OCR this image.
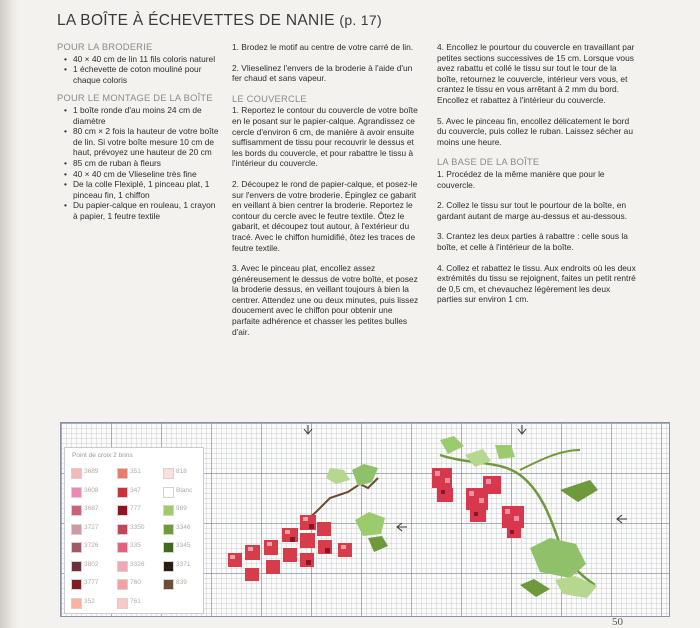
LA BOÎTE À ÉCHEVETTES DE NANIE (p. 17)
POUR LA BRODERIE
• 40 × 40 cm de lin 11 fils coloris naturel
• 1 échevette de coton mouliné pour chaque coloris
POUR LE MONTAGE DE LA BOÎTE
• 1 boîte ronde d'au moins 24 cm de diamètre
• 80 cm × 2 fois la hauteur de votre boîte de lin. Si votre boîte mesure 10 cm de haut, prévoyez une hauteur de 20 cm
• 85 cm de ruban à fleurs
• 40 × 40 cm de Vlieseline très fine
• De la colle Flexiplé, 1 pinceau plat, 1 pinceau fin, 1 chiffon
• Du papier-calque en rouleau, 1 crayon à papier, 1 feutre textile

1. Brodez le motif au centre de votre carré de lin.

2. Vlieselinez l'envers de la broderie à l'aide d'un fer chaud et sans vapeur.

LE COUVERCLE

1. Reportez le contour du couvercle de votre boîte en le posant sur le papier-calque. Agrandissez ce cercle d'environ 6 cm, de manière à avoir ensuite suffisamment de tissu pour recouvrir le dessus et les bords du couvercle, et pour rabattre le tissu à l'intérieur du couvercle.

2. Découpez le rond de papier-calque, et posez-le sur l'envers de votre broderie. Épinglez ce gabarit en veillant à bien centrer la broderie. Reportez le contour du cercle avec le feutre textile. Ôtez le gabarit, et découpez tout autour, à l'extérieur du tracé. Avec le chiffon humidifié, ôtez les traces de feutre textile.

3. Avec le pinceau plat, encollez assez généreusement le dessus de votre boîte, et posez la broderie dessus, en veillant toujours à bien la centrer. Attendez une ou deux minutes, puis lissez doucement avec le chiffon pour obtenir une parfaite adhérence et chasser les petites bulles d'air.

4. Encollez le pourtour du couvercle en travaillant par petites sections successives de 15 cm. Lorsque vous avez rabattu et collé le tissu sur tout le tour de la boîte, retournez le couvercle, intérieur vers vous, et crantez le tissu en vous arrêtant à 2 mm du bord. Encollez et rabattez à l'intérieur du couvercle.

5. Avec le pinceau fin, encollez délicatement le bord du couvercle, puis collez le ruban. Laissez sécher au moins une heure.

LA BASE DE LA BOÎTE

1. Procédez de la même manière que pour le couvercle.

2. Collez le tissu sur tout le pourtour de la boîte, en gardant autant de marge au-dessus et au-dessous.

3. Crantez les deux parties à rabattre : celle sous la boîte, et celle à l'intérieur de la boîte.

4. Collez et rabattez le tissu. Aux endroits où les deux extrémités du tissu se rejoignent, faites un petit rentré de 0,5 cm, et chevauchez légèrement les deux parties sur environ 1 cm.

Point de croix 2 brins
3689	351	818
3608	347	Blanc
3687	777	989
3727	3350	3346
3726	335	3345
3802	3326	3371
3777	760	839
352	761
50
